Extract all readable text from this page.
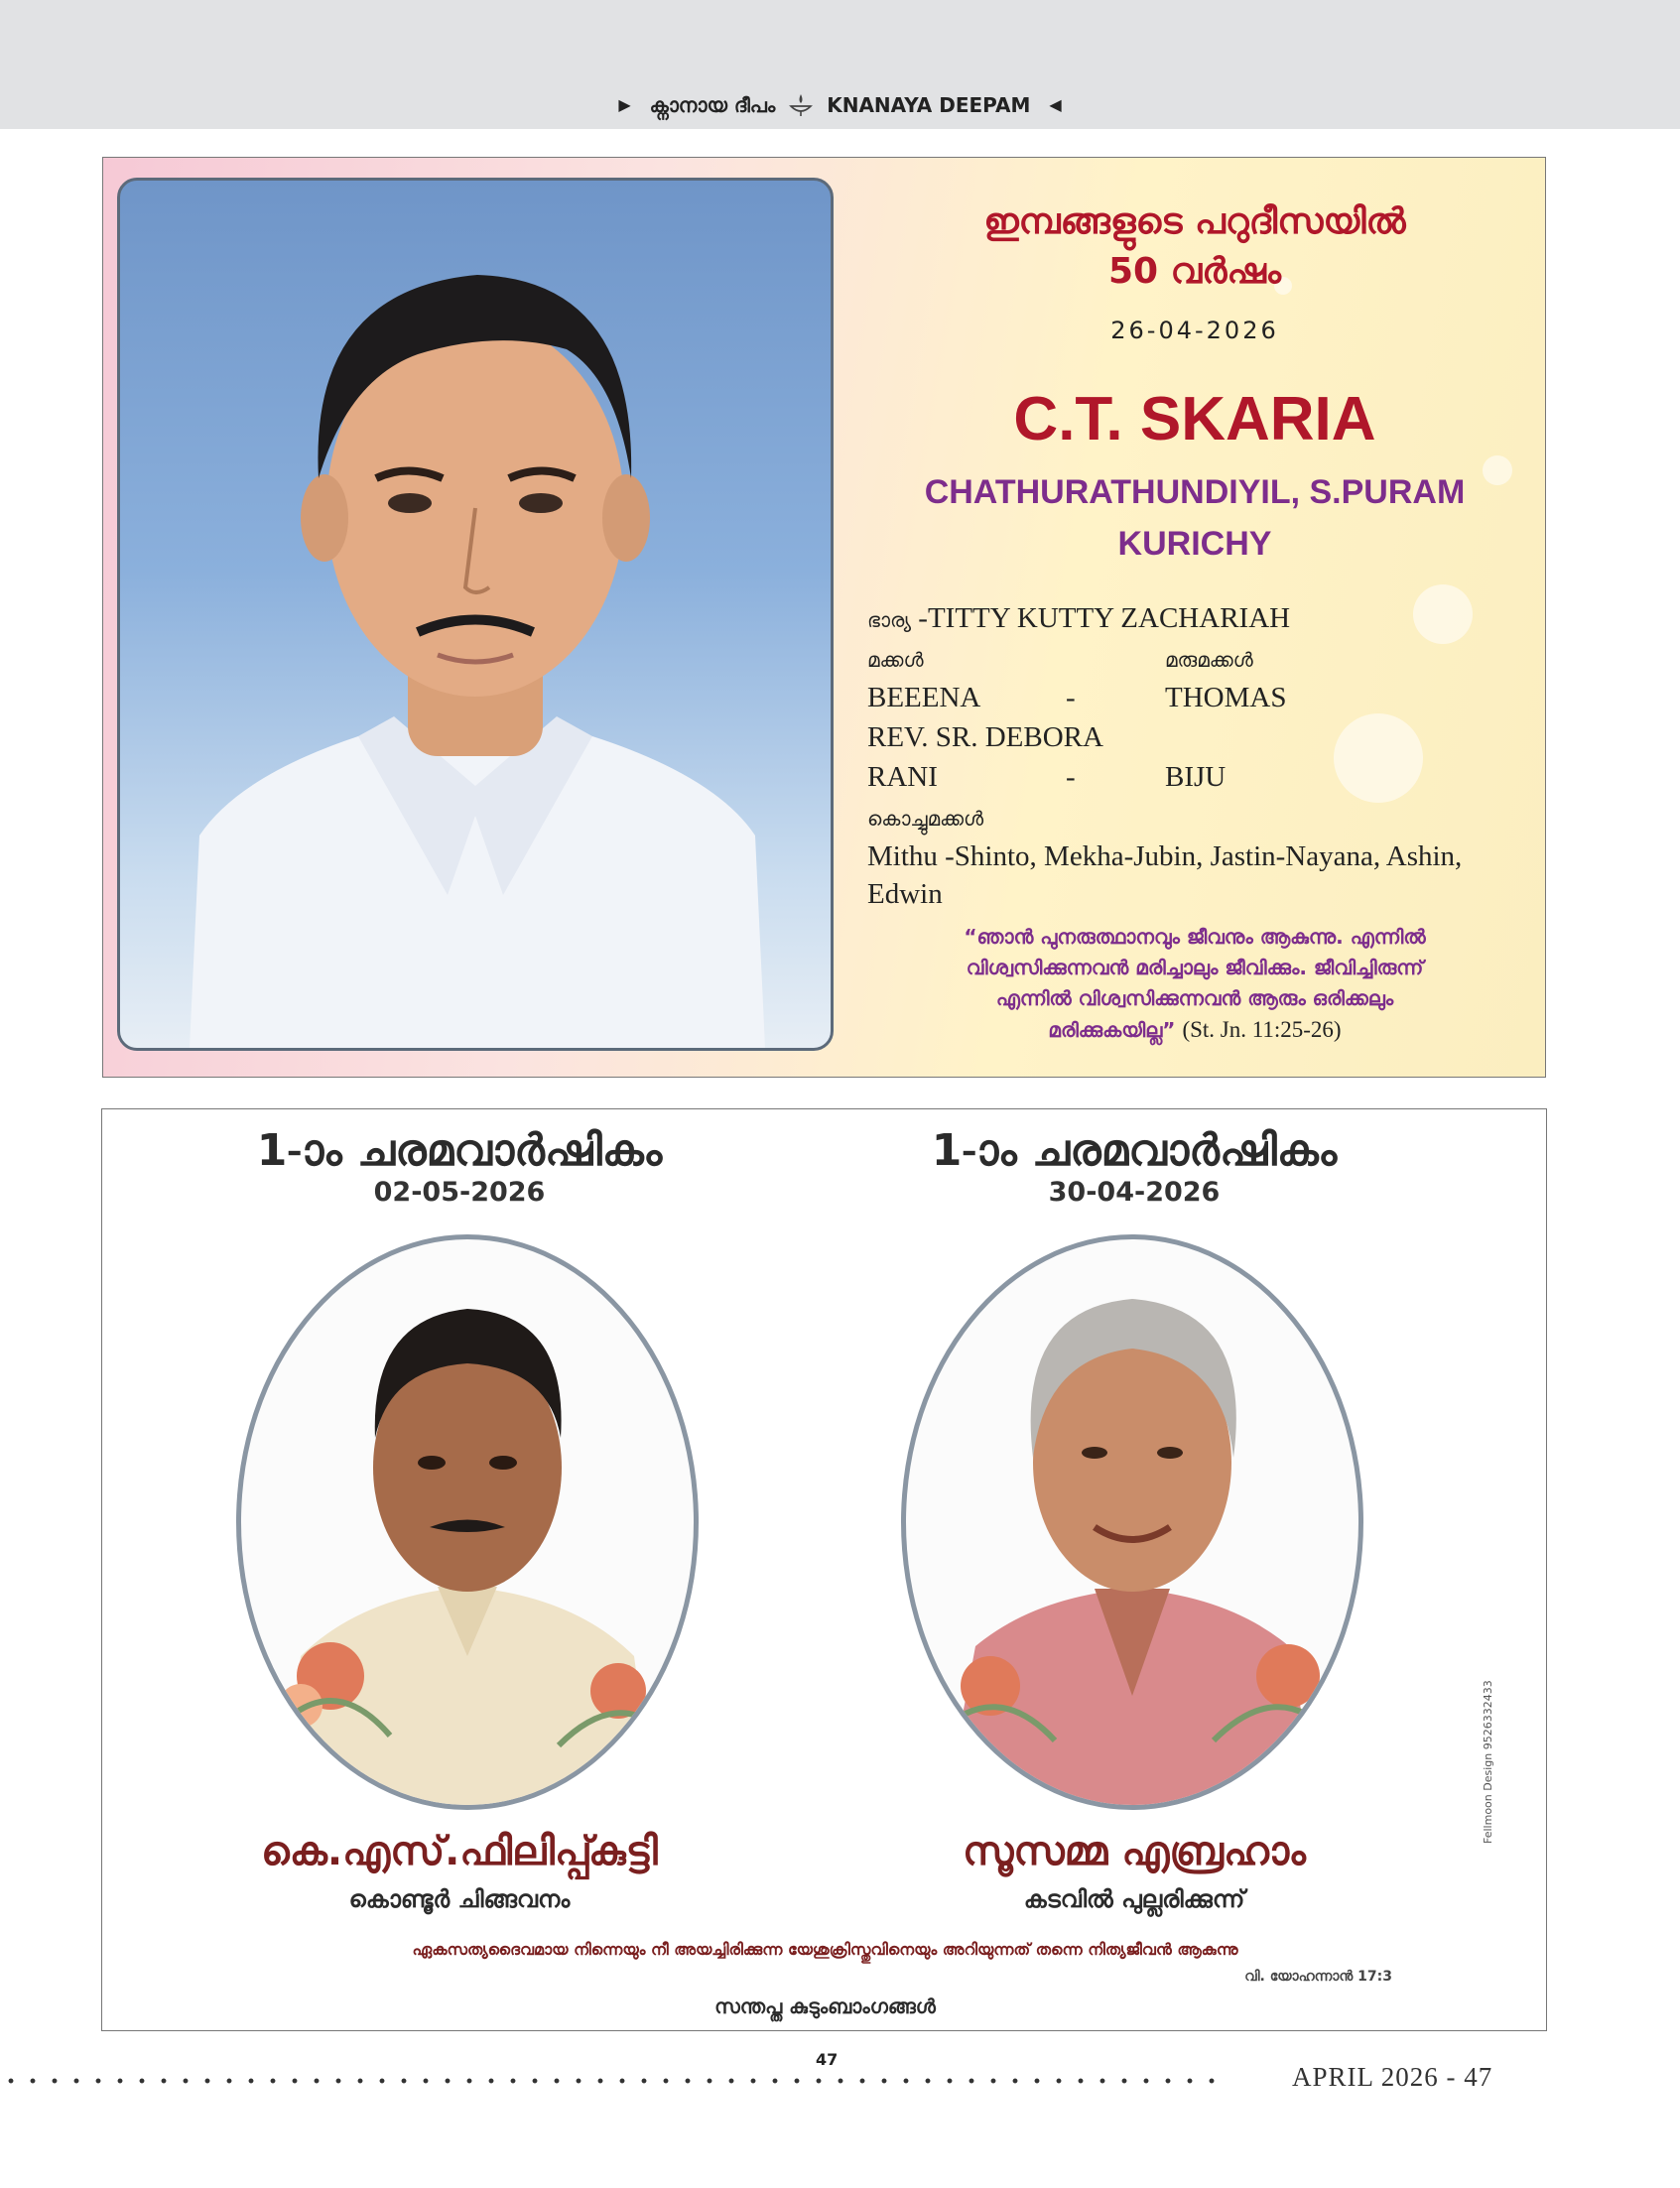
▶ ക്നാനായ ദീപം	KNANAYA DEEPAM ◀
ഇമ്പങ്ങളുടെ പറുദീസയിൽ
50 വർഷം
26-04-2026
C.T. SKARIA
CHATHURATHUNDIYIL, S.PURAM
KURICHY
ഭാര്യ -TITTY KUTTY ZACHARIAH
മക്കൾ	മരുമക്കൾ
BEEENA	-	THOMAS
REV. SR. DEBORA
RANI	-	BIJU
കൊച്ചുമക്കൾ
Mithu -Shinto, Mekha-Jubin, Jastin-Nayana, Ashin,
Edwin
“ഞാൻ പുനരുത്ഥാനവും ജീവനും ആകുന്നു. എന്നിൽ
വിശ്വസിക്കുന്നവൻ മരിച്ചാലും ജീവിക്കും. ജീവിച്ചിരുന്ന്
എന്നിൽ വിശ്വസിക്കുന്നവൻ ആരും ഒരിക്കലും
മരിക്കുകയില്ല” (St. Jn. 11:25-26)
1-ാം ചരമവാർഷികം
02-05-2026
കെ.എസ്.ഫിലിപ്പ്കുട്ടി
കൊണ്ടൂർ ചിങ്ങവനം
1-ാം ചരമവാർഷികം
30-04-2026
സൂസമ്മ എബ്രഹാം
കടവിൽ പുല്ലരിക്കുന്ന്
Fellmoon Design 9526332433
ഏകസത്യദൈവമായ നിന്നെയും നീ അയച്ചിരിക്കുന്ന യേശുക്രിസ്തുവിനെയും അറിയുന്നത് തന്നെ നിത്യജീവൻ ആകുന്നു
വി. യോഹന്നാൻ 17:3
സന്തപ്ത കുടുംബാംഗങ്ങൾ
47
APRIL 2026 - 47
